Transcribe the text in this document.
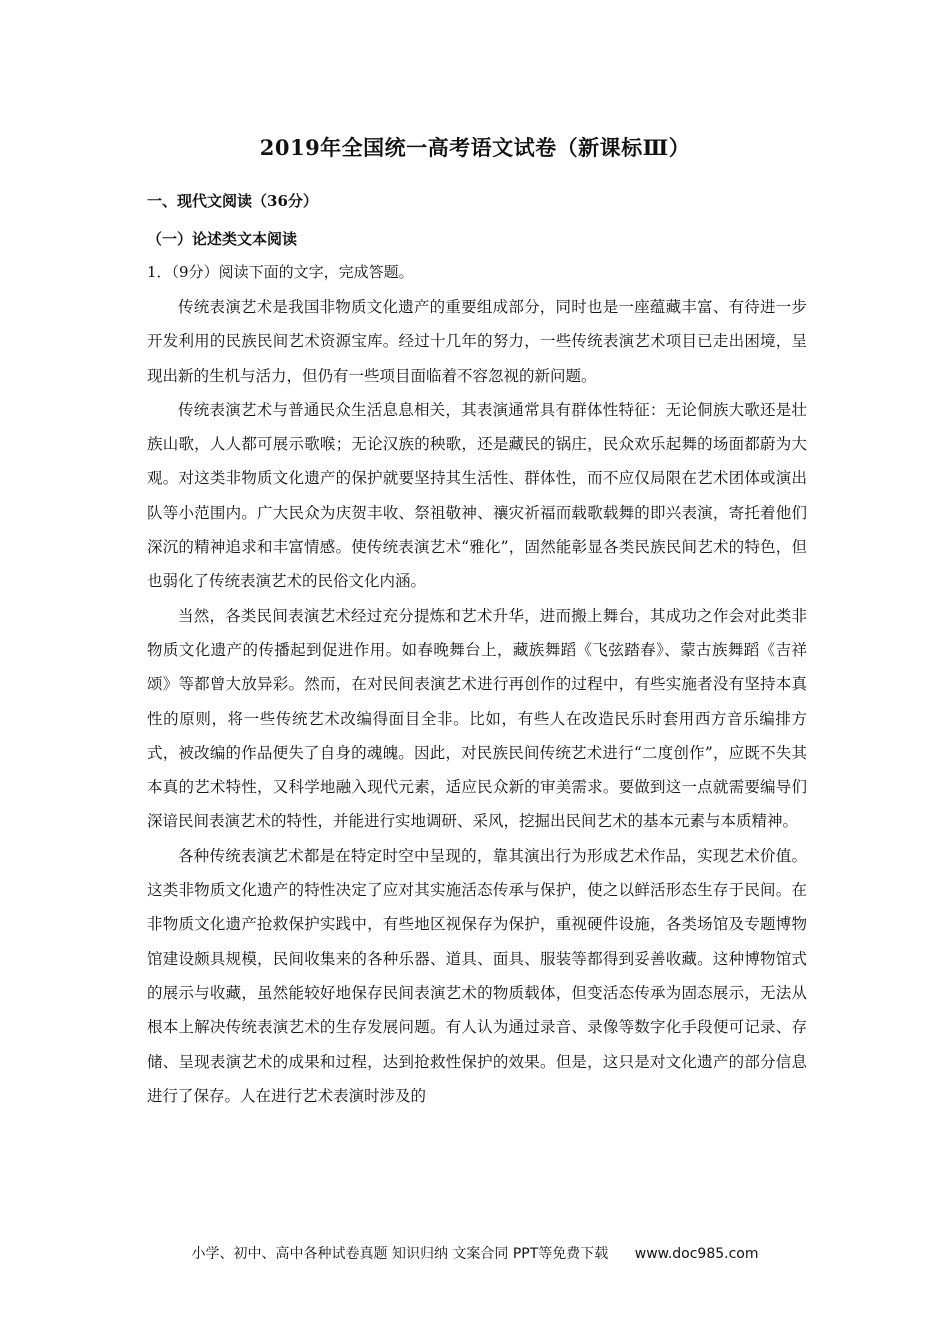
2019年全国统一高考语文试卷（新课标Ⅲ）
一、现代文阅读（36分）
（一）论述类文本阅读
1．（9分）阅读下面的文字，完成答题。

传统表演艺术是我国非物质文化遗产的重要组成部分，同时也是一座蕴藏丰富、有待进一步开发利用的民族民间艺术资源宝库。经过十几年的努力，一些传统表演艺术项目已走出困境，呈现出新的生机与活力，但仍有一些项目面临着不容忽视的新问题。

传统表演艺术与普通民众生活息息相关，其表演通常具有群体性特征：无论侗族大歌还是壮族山歌，人人都可展示歌喉；无论汉族的秧歌，还是藏民的锅庄，民众欢乐起舞的场面都蔚为大观。对这类非物质文化遗产的保护就要坚持其生活性、群体性，而不应仅局限在艺术团体或演出队等小范围内。广大民众为庆贺丰收、祭祖敬神、禳灾祈福而载歌载舞的即兴表演，寄托着他们深沉的精神追求和丰富情感。使传统表演艺术“雅化”，固然能彰显各类民族民间艺术的特色，但也弱化了传统表演艺术的民俗文化内涵。

当然，各类民间表演艺术经过充分提炼和艺术升华，进而搬上舞台，其成功之作会对此类非物质文化遗产的传播起到促进作用。如春晚舞台上，藏族舞蹈《飞弦踏春》、蒙古族舞蹈《吉祥颂》等都曾大放异彩。然而，在对民间表演艺术进行再创作的过程中，有些实施者没有坚持本真性的原则，将一些传统艺术改编得面目全非。比如，有些人在改造民乐时套用西方音乐编排方式，被改编的作品便失了自身的魂魄。因此，对民族民间传统艺术进行“二度创作”，应既不失其本真的艺术特性，又科学地融入现代元素，适应民众新的审美需求。要做到这一点就需要编导们深谙民间表演艺术的特性，并能进行实地调研、采风，挖掘出民间艺术的基本元素与本质精神。

各种传统表演艺术都是在特定时空中呈现的，靠其演出行为形成艺术作品，实现艺术价值。这类非物质文化遗产的特性决定了应对其实施活态传承与保护，使之以鲜活形态生存于民间。在非物质文化遗产抢救保护实践中，有些地区视保存为保护，重视硬件设施，各类场馆及专题博物馆建设颇具规模，民间收集来的各种乐器、道具、面具、服装等都得到妥善收藏。这种博物馆式的展示与收藏，虽然能较好地保存民间表演艺术的物质载体，但变活态传承为固态展示，无法从根本上解决传统表演艺术的生存发展问题。有人认为通过录音、录像等数字化手段便可记录、存储、呈现表演艺术的成果和过程，达到抢救性保护的效果。但是，这只是对文化遗产的部分信息进行了保存。人在进行艺术表演时涉及的

小学、初中、高中各种试卷真题 知识归纳 文案合同 PPT等免费下载 www.doc985.com
